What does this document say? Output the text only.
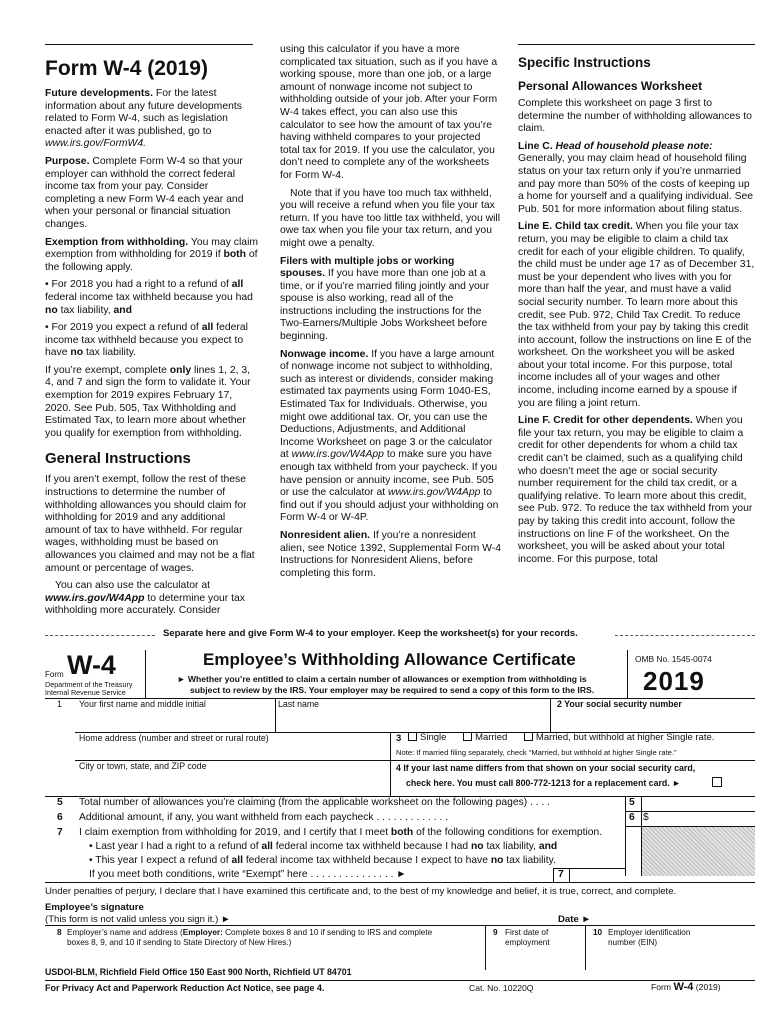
Form W-4 (2019)
Future developments. For the latest information about any future developments related to Form W-4, such as legislation enacted after it was published, go to www.irs.gov/FormW4.
Purpose. Complete Form W-4 so that your employer can withhold the correct federal income tax from your pay. Consider completing a new Form W-4 each year and when your personal or financial situation changes.
Exemption from withholding. You may claim exemption from withholding for 2019 if both of the following apply.
• For 2018 you had a right to a refund of all federal income tax withheld because you had no tax liability, and
• For 2019 you expect a refund of all federal income tax withheld because you expect to have no tax liability.
If you’re exempt, complete only lines 1, 2, 3, 4, and 7 and sign the form to validate it. Your exemption for 2019 expires February 17, 2020. See Pub. 505, Tax Withholding and Estimated Tax, to learn more about whether you qualify for exemption from withholding.
General Instructions
If you aren’t exempt, follow the rest of these instructions to determine the number of withholding allowances you should claim for withholding for 2019 and any additional amount of tax to have withheld. For regular wages, withholding must be based on allowances you claimed and may not be a flat amount or percentage of wages.
You can also use the calculator at www.irs.gov/W4App to determine your tax withholding more accurately. Consider
using this calculator if you have a more complicated tax situation, such as if you have a working spouse, more than one job, or a large amount of nonwage income not subject to withholding outside of your job. After your Form W-4 takes effect, you can also use this calculator to see how the amount of tax you’re having withheld compares to your projected total tax for 2019. If you use the calculator, you don’t need to complete any of the worksheets for Form W-4.
Note that if you have too much tax withheld, you will receive a refund when you file your tax return. If you have too little tax withheld, you will owe tax when you file your tax return, and you might owe a penalty.
Filers with multiple jobs or working spouses. If you have more than one job at a time, or if you’re married filing jointly and your spouse is also working, read all of the instructions including the instructions for the Two-Earners/Multiple Jobs Worksheet before beginning.
Nonwage income. If you have a large amount of nonwage income not subject to withholding, such as interest or dividends, consider making estimated tax payments using Form 1040-ES, Estimated Tax for Individuals. Otherwise, you might owe additional tax. Or, you can use the Deductions, Adjustments, and Additional Income Worksheet on page 3 or the calculator at www.irs.gov/W4App to make sure you have enough tax withheld from your paycheck. If you have pension or annuity income, see Pub. 505 or use the calculator at www.irs.gov/W4App to find out if you should adjust your withholding on Form W-4 or W-4P.
Nonresident alien. If you’re a nonresident alien, see Notice 1392, Supplemental Form W-4 Instructions for Nonresident Aliens, before completing this form.
Specific Instructions
Personal Allowances Worksheet
Complete this worksheet on page 3 first to determine the number of withholding allowances to claim.
Line C. Head of household please note: Generally, you may claim head of household filing status on your tax return only if you’re unmarried and pay more than 50% of the costs of keeping up a home for yourself and a qualifying individual. See Pub. 501 for more information about filing status.
Line E. Child tax credit. When you file your tax return, you may be eligible to claim a child tax credit for each of your eligible children. To qualify, the child must be under age 17 as of December 31, must be your dependent who lives with you for more than half the year, and must have a valid social security number. To learn more about this credit, see Pub. 972, Child Tax Credit. To reduce the tax withheld from your pay by taking this credit into account, follow the instructions on line E of the worksheet. On the worksheet you will be asked about your total income. For this purpose, total income includes all of your wages and other income, including income earned by a spouse if you are filing a joint return.
Line F. Credit for other dependents. When you file your tax return, you may be eligible to claim a credit for other dependents for whom a child tax credit can’t be claimed, such as a qualifying child who doesn’t meet the age or social security number requirement for the child tax credit, or a qualifying relative. To learn more about this credit, see Pub. 972. To reduce the tax withheld from your pay by taking this credit into account, follow the instructions on line F of the worksheet. On the worksheet, you will be asked about your total income. For this purpose, total
Separate here and give Form W-4 to your employer. Keep the worksheet(s) for your records.
Form W-4
Department of the Treasury
Internal Revenue Service
Employee’s Withholding Allowance Certificate
► Whether you’re entitled to claim a certain number of allowances or exemption from withholding is
subject to review by the IRS. Your employer may be required to send a copy of this form to the IRS.
OMB No. 1545-0074
2019
1 Your first name and middle initial	Last name	2 Your social security number
Home address (number and street or rural route)	3	Single	Married	Married, but withhold at higher Single rate.
Note: If married filing separately, check “Married, but withhold at higher Single rate.”
City or town, state, and ZIP code	4 If your last name differs from that shown on your social security card,
check here. You must call 800-772-1213 for a replacement card. ►
5 Total number of allowances you’re claiming (from the applicable worksheet on the following pages) . . . .	5
6 Additional amount, if any, you want withheld from each paycheck . . . . . . . . . . . . .	6 $
7 I claim exemption from withholding for 2019, and I certify that I meet both of the following conditions for exemption.
• Last year I had a right to a refund of all federal income tax withheld because I had no tax liability, and
• This year I expect a refund of all federal income tax withheld because I expect to have no tax liability.
If you meet both conditions, write “Exempt” here . . . . . . . . . . . . . . . ►	7
Under penalties of perjury, I declare that I have examined this certificate and, to the best of my knowledge and belief, it is true, correct, and complete.
Employee’s signature
(This form is not valid unless you sign it.) ►	Date ►
8 Employer’s name and address (Employer: Complete boxes 8 and 10 if sending to IRS and complete
boxes 8, 9, and 10 if sending to State Directory of New Hires.)
9 First date of
employment
10 Employer identification
number (EIN)
USDOI-BLM, Richfield Field Office 150 East 900 North, Richfield UT 84701
For Privacy Act and Paperwork Reduction Act Notice, see page 4.	Cat. No. 10220Q	Form W-4 (2019)
